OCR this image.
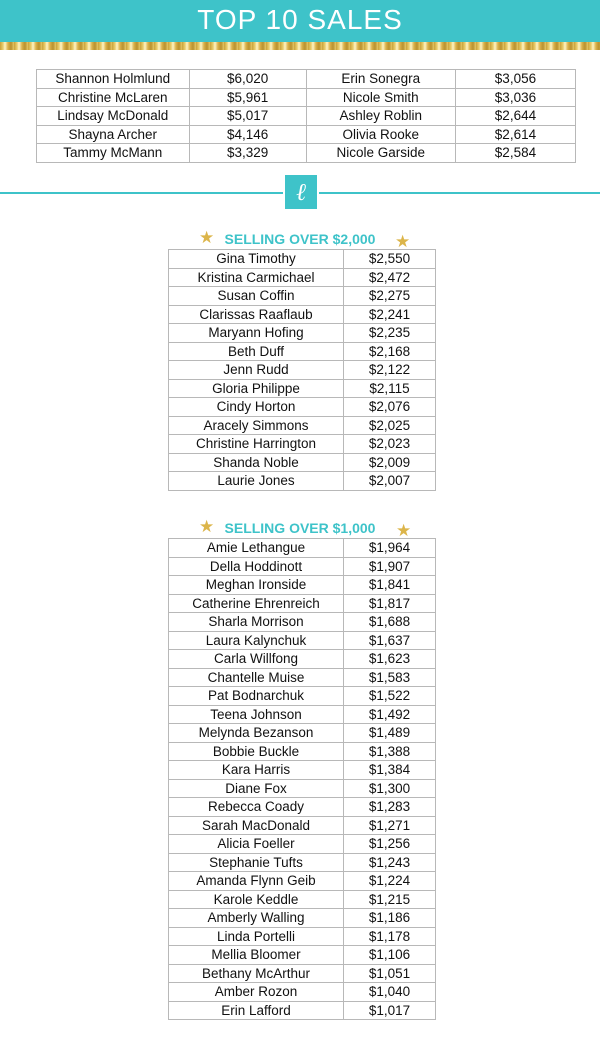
TOP 10 SALES
Shannon Holmlund	$6,020	Erin Sonegra	$3,056
Christine McLaren	$5,961	Nicole Smith	$3,036
Lindsay McDonald	$5,017	Ashley Roblin	$2,644
Shayna Archer	$4,146	Olivia Rooke	$2,614
Tammy McMann	$3,329	Nicole Garside	$2,584
ℓ
★ SELLING OVER $2,000	★
Gina Timothy	$2,550
Kristina Carmichael	$2,472
Susan Coffin	$2,275
Clarissas Raaflaub	$2,241
Maryann Hofing	$2,235
Beth Duff	$2,168
Jenn Rudd	$2,122
Gloria Philippe	$2,115
Cindy Horton	$2,076
Aracely Simmons	$2,025
Christine Harrington	$2,023
Shanda Noble	$2,009
Laurie Jones	$2,007
★ SELLING OVER $1,000	★
Amie Lethangue	$1,964
Della Hoddinott	$1,907
Meghan Ironside	$1,841
Catherine Ehrenreich	$1,817
Sharla Morrison	$1,688
Laura Kalynchuk	$1,637
Carla Willfong	$1,623
Chantelle Muise	$1,583
Pat Bodnarchuk	$1,522
Teena Johnson	$1,492
Melynda Bezanson	$1,489
Bobbie Buckle	$1,388
Kara Harris	$1,384
Diane Fox	$1,300
Rebecca Coady	$1,283
Sarah MacDonald	$1,271
Alicia Foeller	$1,256
Stephanie Tufts	$1,243
Amanda Flynn Geib	$1,224
Karole Keddle	$1,215
Amberly Walling	$1,186
Linda Portelli	$1,178
Mellia Bloomer	$1,106
Bethany McArthur	$1,051
Amber Rozon	$1,040
Erin Lafford	$1,017
